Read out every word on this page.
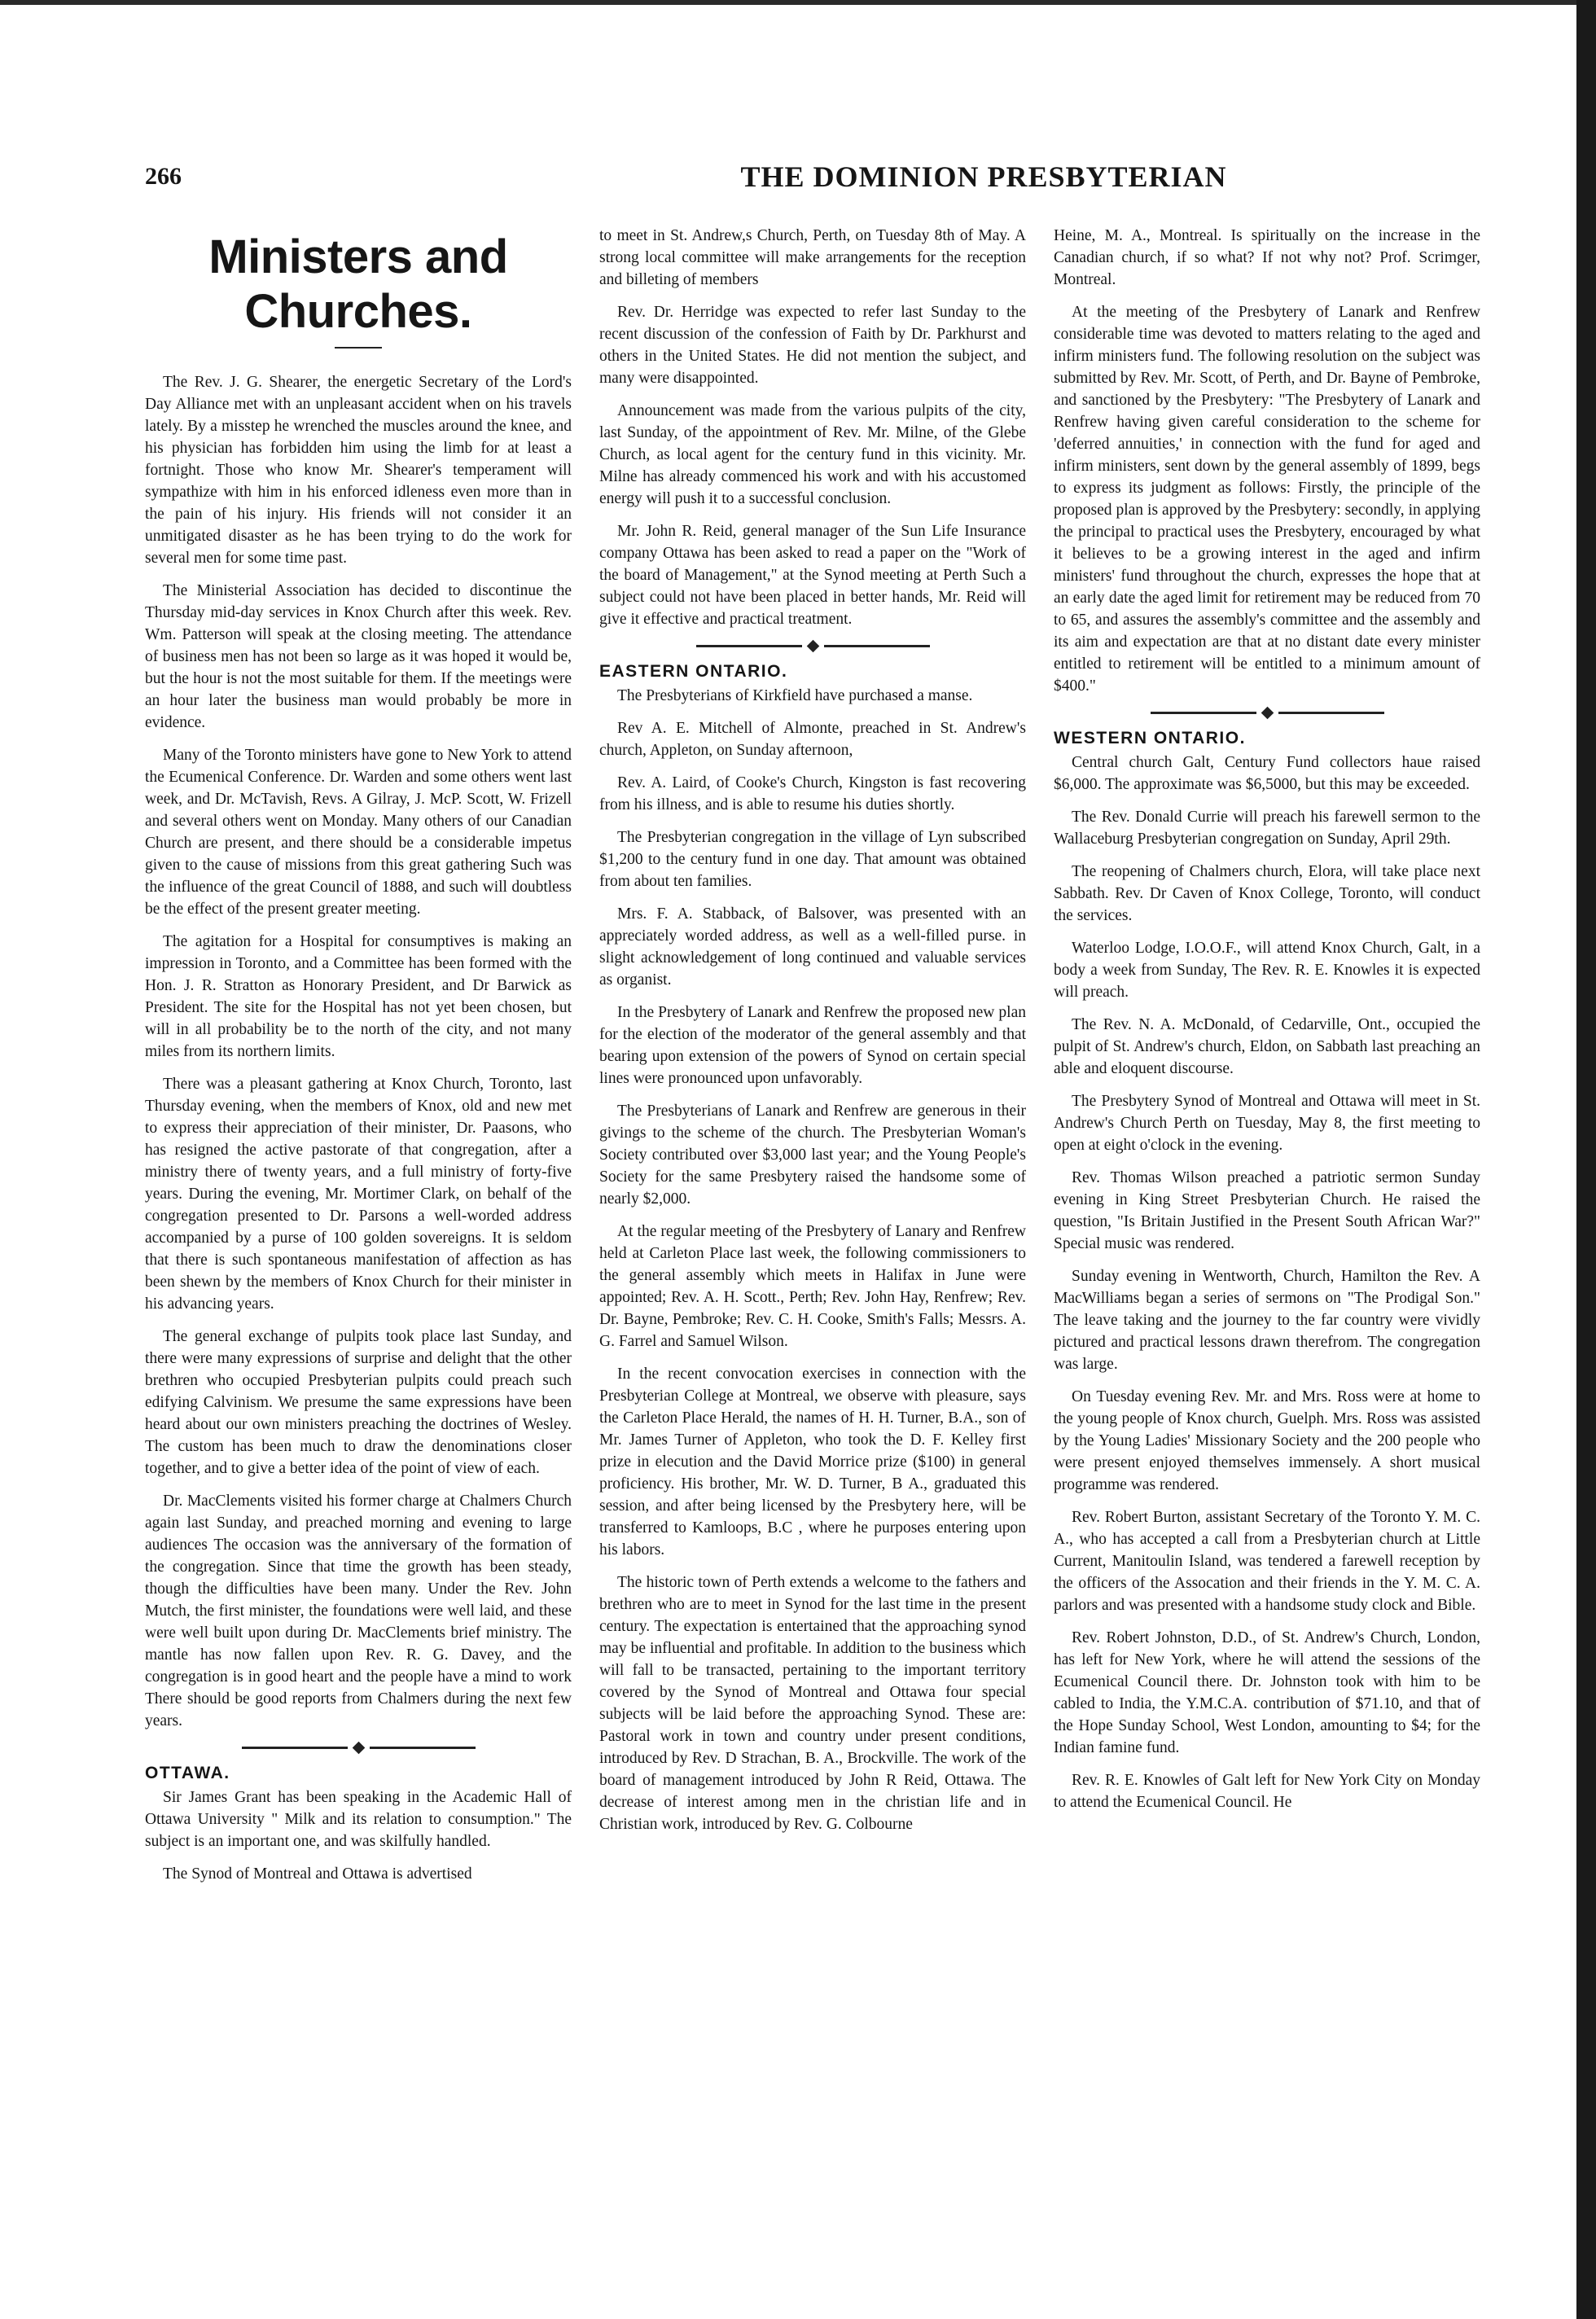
266	THE DOMINION PRESBYTERIAN
Ministers and Churches.

The Rev. J. G. Shearer, the energetic Secretary of the Lord's Day Alliance met with an unpleasant accident when on his travels lately. By a misstep he wrenched the muscles around the knee, and his physician has forbidden him using the limb for at least a fortnight. Those who know Mr. Shearer's temperament will sympathize with him in his enforced idleness even more than in the pain of his injury. His friends will not consider it an unmitigated disaster as he has been trying to do the work for several men for some time past.

The Ministerial Association has decided to discontinue the Thursday mid-day services in Knox Church after this week. Rev. Wm. Patterson will speak at the closing meeting. The attendance of business men has not been so large as it was hoped it would be, but the hour is not the most suitable for them. If the meetings were an hour later the business man would probably be more in evidence.

Many of the Toronto ministers have gone to New York to attend the Ecumenical Conference. Dr. Warden and some others went last week, and Dr. McTavish, Revs. A Gilray, J. McP. Scott, W. Frizell and several others went on Monday. Many others of our Canadian Church are present, and there should be a considerable impetus given to the cause of missions from this great gathering Such was the influence of the great Council of 1888, and such will doubtless be the effect of the present greater meeting.

The agitation for a Hospital for consumptives is making an impression in Toronto, and a Committee has been formed with the Hon. J. R. Stratton as Honorary President, and Dr Barwick as President. The site for the Hospital has not yet been chosen, but will in all probability be to the north of the city, and not many miles from its northern limits.

There was a pleasant gathering at Knox Church, Toronto, last Thursday evening, when the members of Knox, old and new met to express their appreciation of their minister, Dr. Paasons, who has resigned the active pastorate of that congregation, after a ministry there of twenty years, and a full ministry of forty-five years. During the evening, Mr. Mortimer Clark, on behalf of the congregation presented to Dr. Parsons a well-worded address accompanied by a purse of 100 golden sovereigns. It is seldom that there is such spontaneous manifestation of affection as has been shewn by the members of Knox Church for their minister in his advancing years.

The general exchange of pulpits took place last Sunday, and there were many expressions of surprise and delight that the other brethren who occupied Presbyterian pulpits could preach such edifying Calvinism. We presume the same expressions have been heard about our own ministers preaching the doctrines of Wesley. The custom has been much to draw the denominations closer together, and to give a better idea of the point of view of each.

Dr. MacClements visited his former charge at Chalmers Church again last Sunday, and preached morning and evening to large audiences The occasion was the anniversary of the formation of the congregation. Since that time the growth has been steady, though the difficulties have been many. Under the Rev. John Mutch, the first minister, the foundations were well laid, and these were well built upon during Dr. MacClements brief ministry. The mantle has now fallen upon Rev. R. G. Davey, and the congregation is in good heart and the people have a mind to work There should be good reports from Chalmers during the next few years.

OTTAWA.

Sir James Grant has been speaking in the Academic Hall of Ottawa University " Milk and its relation to consumption." The subject is an important one, and was skilfully handled.

The Synod of Montreal and Ottawa is advertised

to meet in St. Andrew,s Church, Perth, on Tuesday 8th of May. A strong local committee will make arrangements for the reception and billeting of members

Rev. Dr. Herridge was expected to refer last Sunday to the recent discussion of the confession of Faith by Dr. Parkhurst and others in the United States. He did not mention the subject, and many were disappointed.

Announcement was made from the various pulpits of the city, last Sunday, of the appointment of Rev. Mr. Milne, of the Glebe Church, as local agent for the century fund in this vicinity. Mr. Milne has already commenced his work and with his accustomed energy will push it to a successful conclusion.

Mr. John R. Reid, general manager of the Sun Life Insurance company Ottawa has been asked to read a paper on the "Work of the board of Management," at the Synod meeting at Perth Such a subject could not have been placed in better hands, Mr. Reid will give it effective and practical treatment.

EASTERN ONTARIO.

The Presbyterians of Kirkfield have purchased a manse.

Rev A. E. Mitchell of Almonte, preached in St. Andrew's church, Appleton, on Sunday afternoon,

Rev. A. Laird, of Cooke's Church, Kingston is fast recovering from his illness, and is able to resume his duties shortly.

The Presbyterian congregation in the village of Lyn subscribed $1,200 to the century fund in one day. That amount was obtained from about ten families.

Mrs. F. A. Stabback, of Balsover, was presented with an appreciately worded address, as well as a well-filled purse. in slight acknowledgement of long continued and valuable services as organist.

In the Presbytery of Lanark and Renfrew the proposed new plan for the election of the moderator of the general assembly and that bearing upon extension of the powers of Synod on certain special lines were pronounced upon unfavorably.

The Presbyterians of Lanark and Renfrew are generous in their givings to the scheme of the church. The Presbyterian Woman's Society contributed over $3,000 last year; and the Young People's Society for the same Presbytery raised the handsome some of nearly $2,000.

At the regular meeting of the Presbytery of Lanary and Renfrew held at Carleton Place last week, the following commissioners to the general assembly which meets in Halifax in June were appointed; Rev. A. H. Scott., Perth; Rev. John Hay, Renfrew; Rev. Dr. Bayne, Pembroke; Rev. C. H. Cooke, Smith's Falls; Messrs. A. G. Farrel and Samuel Wilson.

In the recent convocation exercises in connection with the Presbyterian College at Montreal, we observe with pleasure, says the Carleton Place Herald, the names of H. H. Turner, B.A., son of Mr. James Turner of Appleton, who took the D. F. Kelley first prize in elecution and the David Morrice prize ($100) in general proficiency. His brother, Mr. W. D. Turner, B A., graduated this session, and after being licensed by the Presbytery here, will be transferred to Kamloops, B.C , where he purposes entering upon his labors.

The historic town of Perth extends a welcome to the fathers and brethren who are to meet in Synod for the last time in the present century. The expectation is entertained that the approaching synod may be influential and profitable. In addition to the business which will fall to be transacted, pertaining to the important territory covered by the Synod of Montreal and Ottawa four special subjects will be laid before the approaching Synod. These are: Pastoral work in town and country under present conditions, introduced by Rev. D Strachan, B. A., Brockville. The work of the board of management introduced by John R Reid, Ottawa. The decrease of interest among men in the christian life and in Christian work, introduced by Rev. G. Colbourne

Heine, M. A., Montreal. Is spiritually on the increase in the Canadian church, if so what? If not why not? Prof. Scrimger, Montreal.

At the meeting of the Presbytery of Lanark and Renfrew considerable time was devoted to matters relating to the aged and infirm ministers fund. The following resolution on the subject was submitted by Rev. Mr. Scott, of Perth, and Dr. Bayne of Pembroke, and sanctioned by the Presbytery: "The Presbytery of Lanark and Renfrew having given careful consideration to the scheme for 'deferred annuities,' in connection with the fund for aged and infirm ministers, sent down by the general assembly of 1899, begs to express its judgment as follows: Firstly, the principle of the proposed plan is approved by the Presbytery: secondly, in applying the principal to practical uses the Presbytery, encouraged by what it believes to be a growing interest in the aged and infirm ministers' fund throughout the church, expresses the hope that at an early date the aged limit for retirement may be reduced from 70 to 65, and assures the assembly's committee and the assembly and its aim and expectation are that at no distant date every minister entitled to retirement will be entitled to a minimum amount of $400."

WESTERN ONTARIO.

Central church Galt, Century Fund collectors haue raised $6,000. The approximate was $6,5000, but this may be exceeded.

The Rev. Donald Currie will preach his farewell sermon to the Wallaceburg Presbyterian congregation on Sunday, April 29th.

The reopening of Chalmers church, Elora, will take place next Sabbath. Rev. Dr Caven of Knox College, Toronto, will conduct the services.

Waterloo Lodge, I.O.O.F., will attend Knox Church, Galt, in a body a week from Sunday, The Rev. R. E. Knowles it is expected will preach.

The Rev. N. A. McDonald, of Cedarville, Ont., occupied the pulpit of St. Andrew's church, Eldon, on Sabbath last preaching an able and eloquent discourse.

The Presbytery Synod of Montreal and Ottawa will meet in St. Andrew's Church Perth on Tuesday, May 8, the first meeting to open at eight o'clock in the evening.

Rev. Thomas Wilson preached a patriotic sermon Sunday evening in King Street Presbyterian Church. He raised the question, "Is Britain Justified in the Present South African War?" Special music was rendered.

Sunday evening in Wentworth, Church, Hamilton the Rev. A MacWilliams began a series of sermons on "The Prodigal Son." The leave taking and the journey to the far country were vividly pictured and practical lessons drawn therefrom. The congregation was large.

On Tuesday evening Rev. Mr. and Mrs. Ross were at home to the young people of Knox church, Guelph. Mrs. Ross was assisted by the Young Ladies' Missionary Society and the 200 people who were present enjoyed themselves immensely. A short musical programme was rendered.

Rev. Robert Burton, assistant Secretary of the Toronto Y. M. C. A., who has accepted a call from a Presbyterian church at Little Current, Manitoulin Island, was tendered a farewell reception by the officers of the Assocation and their friends in the Y. M. C. A. parlors and was presented with a handsome study clock and Bible.

Rev. Robert Johnston, D.D., of St. Andrew's Church, London, has left for New York, where he will attend the sessions of the Ecumenical Council there. Dr. Johnston took with him to be cabled to India, the Y.M.C.A. contribution of $71.10, and that of the Hope Sunday School, West London, amounting to $4; for the Indian famine fund.

Rev. R. E. Knowles of Galt left for New York City on Monday to attend the Ecumenical Council. He
